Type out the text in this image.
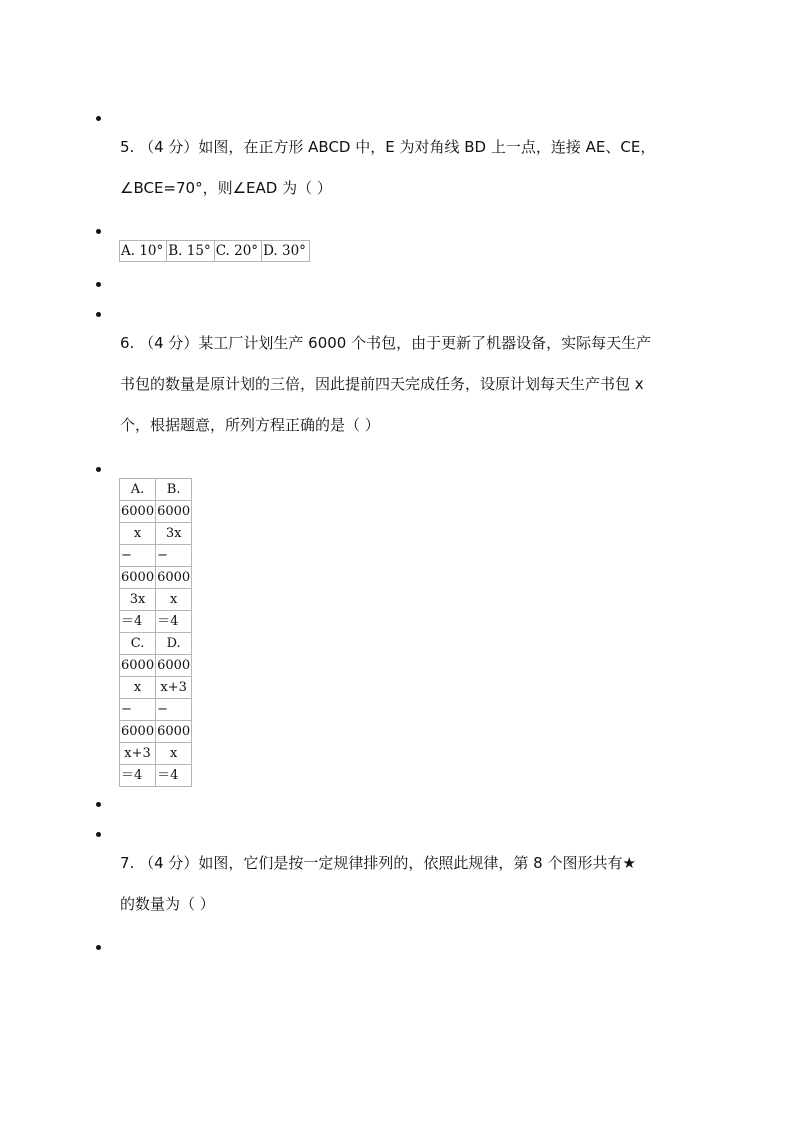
5. （4 分）如图，在正方形 ABCD 中，E 为对角线 BD 上一点，连接 AE、CE，
∠BCE=70°，则∠EAD 为（ ）
A. 10°	B. 15°	C. 20°	D. 30°
6. （4 分）某工厂计划生产 6000 个书包，由于更新了机器设备，实际每天生产
书包的数量是原计划的三倍，因此提前四天完成任务，设原计划每天生产书包 x
个，根据题意，所列方程正确的是（ ）
A.	B.
6000	6000
x	3x
−	−
6000	6000
3x	x
＝4	＝4
C.	D.
6000	6000
x	x+3
−	−
6000	6000
x+3	x
＝4	＝4
7. （4 分）如图，它们是按一定规律排列的，依照此规律，第 8 个图形共有★
的数量为（ ）
